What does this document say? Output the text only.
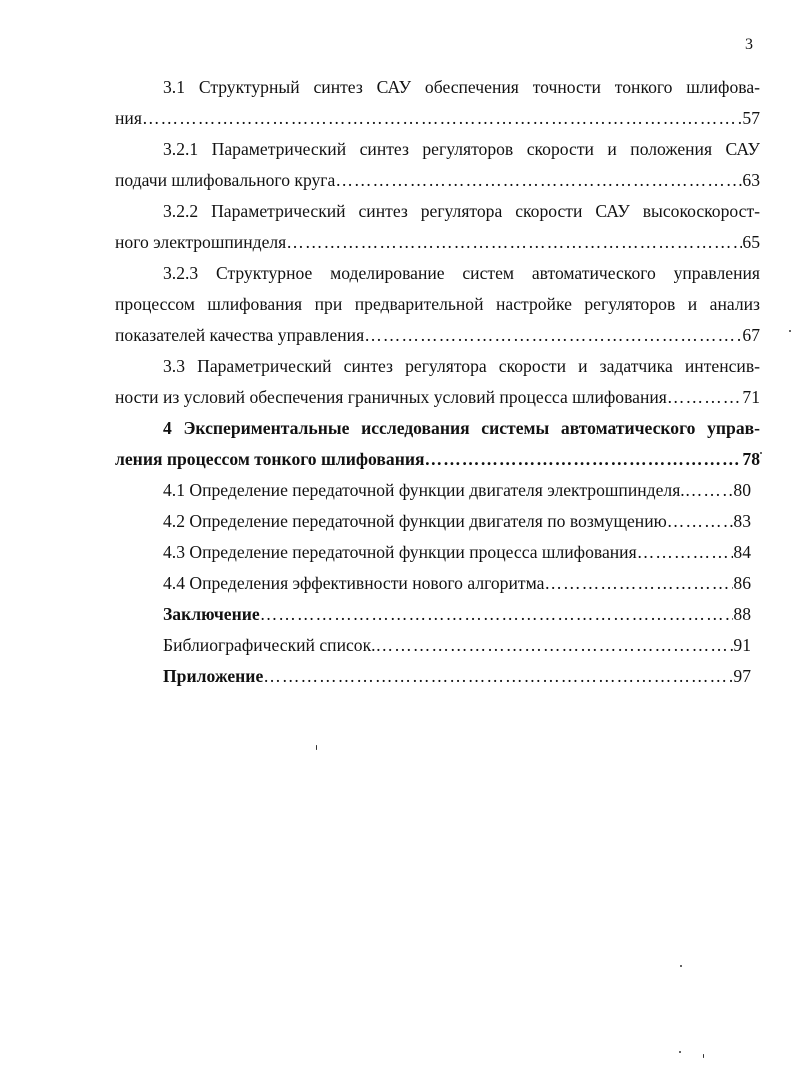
3
3.1 Структурный синтез САУ обеспечения точности тонкого шлифова-
ния ……………………………………………………………………………………………………………………………………	57
3.2.1 Параметрический синтез регуляторов скорости и положения САУ
подачи шлифовального круга ……………………………………………………………………………………………………………………………………	63
3.2.2 Параметрический синтез регулятора скорости САУ высокоскорост-
ного электрошпинделя ……………………………………………………………………………………………………………………………………	65
3.2.3 Структурное моделирование систем автоматического управления
процессом шлифования при предварительной настройке регуляторов и анализ
показателей качества управления ……………………………………………………………………………………………………………………………………	67
3.3 Параметрический синтез регулятора скорости и задатчика интенсив-
ности из условий обеспечения граничных условий процесса шлифования ……………………………………………………………………………………………………………………………………	71
4 Экспериментальные исследования системы автоматического управ-
ления процессом тонкого шлифования ……………………………………………………………………………………………………………………………………	78
4.1 Определение передаточной функции двигателя электрошпинделя. ……………………………………………………………………………………………………………………………………	80
4.2 Определение передаточной функции двигателя по возмущению ……………………………………………………………………………………………………………………………………	83
4.3 Определение передаточной функции процесса шлифования ……………………………………………………………………………………………………………………………………	84
4.4 Определения эффективности нового алгоритма ……………………………………………………………………………………………………………………………………	86
Заключение ……………………………………………………………………………………………………………………………………	88
Библиографический список. ……………………………………………………………………………………………………………………………………	91
Приложение ……………………………………………………………………………………………………………………………………	97
